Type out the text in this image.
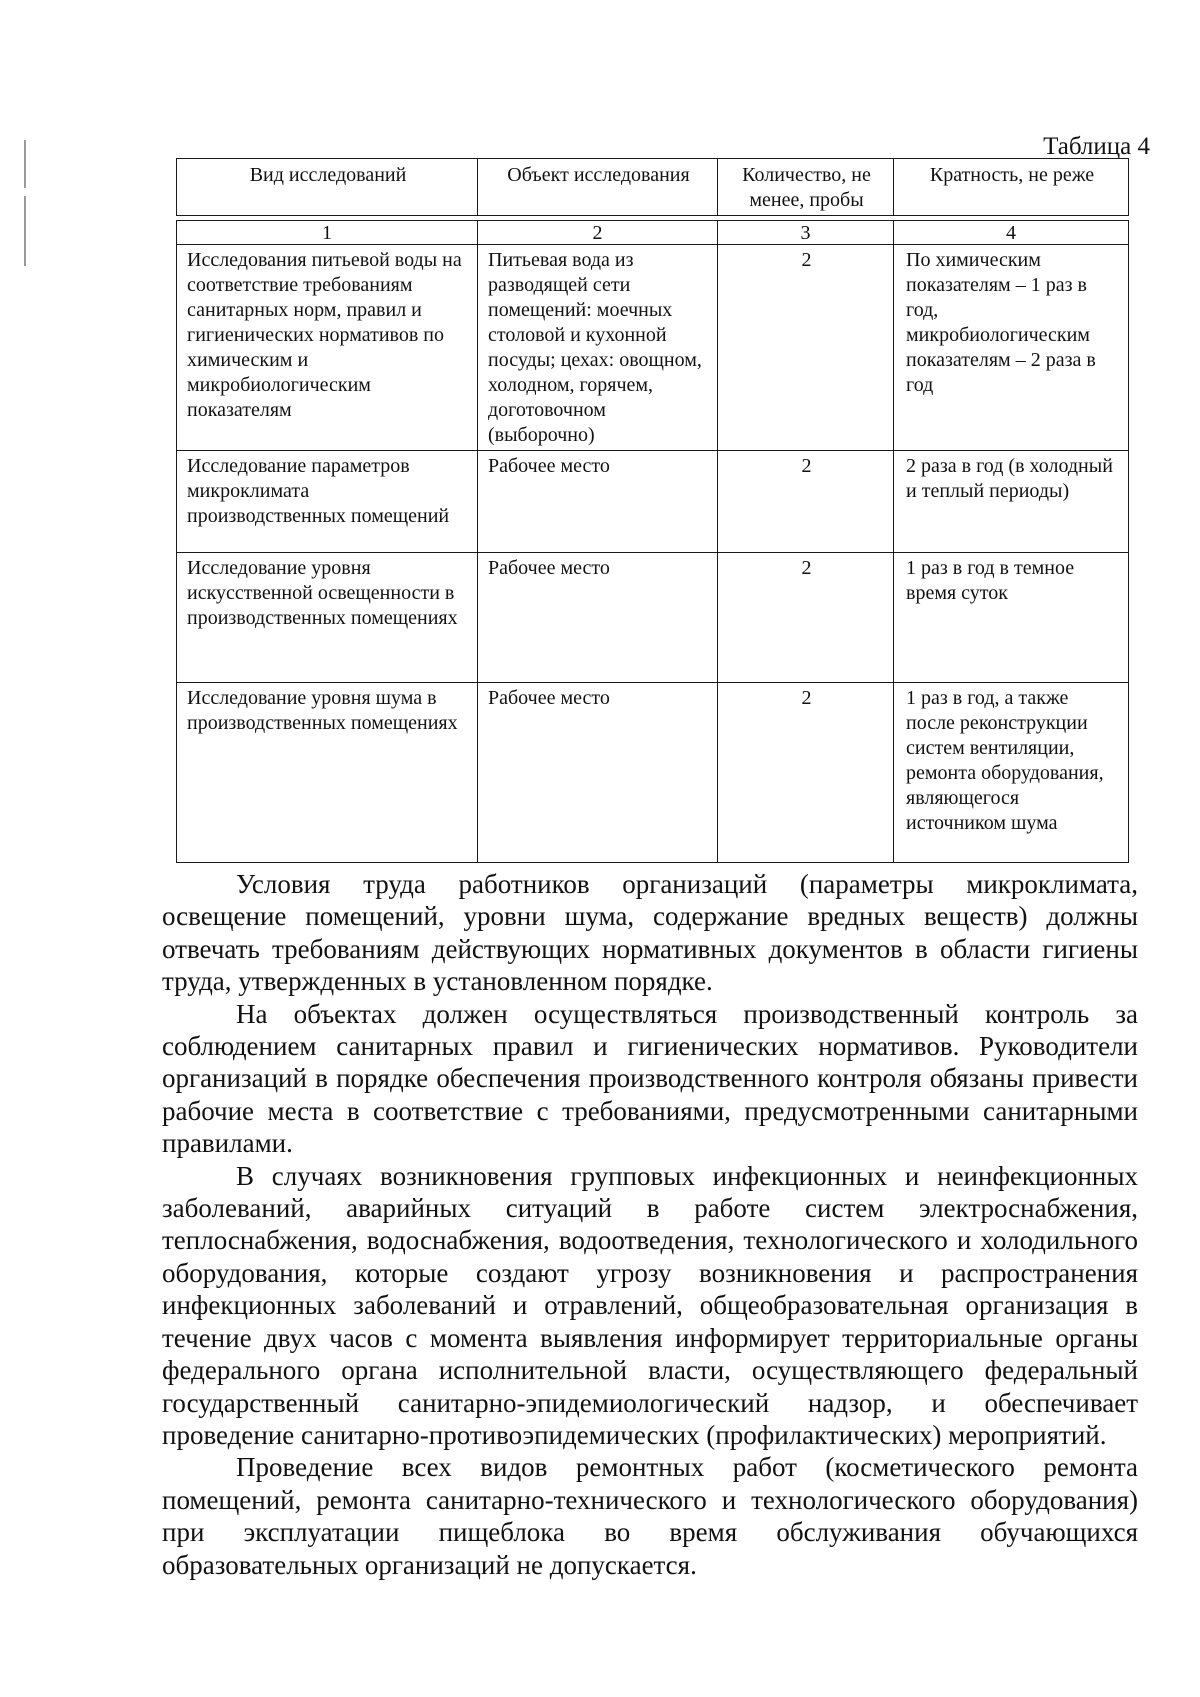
Таблица 4
Вид исследований	Объект исследования	Количество, не менее, пробы	Кратность, не реже

1	2	3	4
Исследования питьевой воды на соответствие требованиям санитарных норм, правил и гигиенических нормативов по химическим и микробиологическим показателям	Питьевая вода из разводящей сети помещений: моечных столовой и кухонной посуды; цехах: овощном, холодном, горячем, доготовочном (выборочно)	2	По химическим показателям – 1 раз в год, микробиологическим показателям – 2 раза в год
Исследование параметров микроклимата производственных помещений	Рабочее место	2	2 раза в год (в холодный и теплый периоды)
Исследование уровня искусственной освещенности в производственных помещениях	Рабочее место	2	1 раз в год в темное время суток
Исследование уровня шума в производственных помещениях	Рабочее место	2	1 раз в год, а также после реконструкции систем вентиляции, ремонта оборудования, являющегося источником шума

Условия труда работников организаций (параметры микроклимата, освещение помещений, уровни шума, содержание вредных веществ) должны отвечать требованиям действующих нормативных документов в области гигиены труда, утвержденных в установленном порядке.

На объектах должен осуществляться производственный контроль за соблюдением санитарных правил и гигиенических нормативов. Руководители организаций в порядке обеспечения производственного контроля обязаны привести рабочие места в соответствие с требованиями, предусмотренными санитарными правилами.

В случаях возникновения групповых инфекционных и неинфекционных заболеваний, аварийных ситуаций в работе систем электроснабжения, теплоснабжения, водоснабжения, водоотведения, технологического и холодильного оборудования, которые создают угрозу возникновения и распространения инфекционных заболеваний и отравлений, общеобразовательная организация в течение двух часов с момента выявления информирует территориальные органы федерального органа исполнительной власти, осуществляющего федеральный государственный санитарно-эпидемиологический надзор, и обеспечивает проведение санитарно-противоэпидемических (профилактических) мероприятий.

Проведение всех видов ремонтных работ (косметического ремонта помещений, ремонта санитарно-технического и технологического оборудования) при эксплуатации пищеблока во время обслуживания обучающихся образовательных организаций не допускается.
